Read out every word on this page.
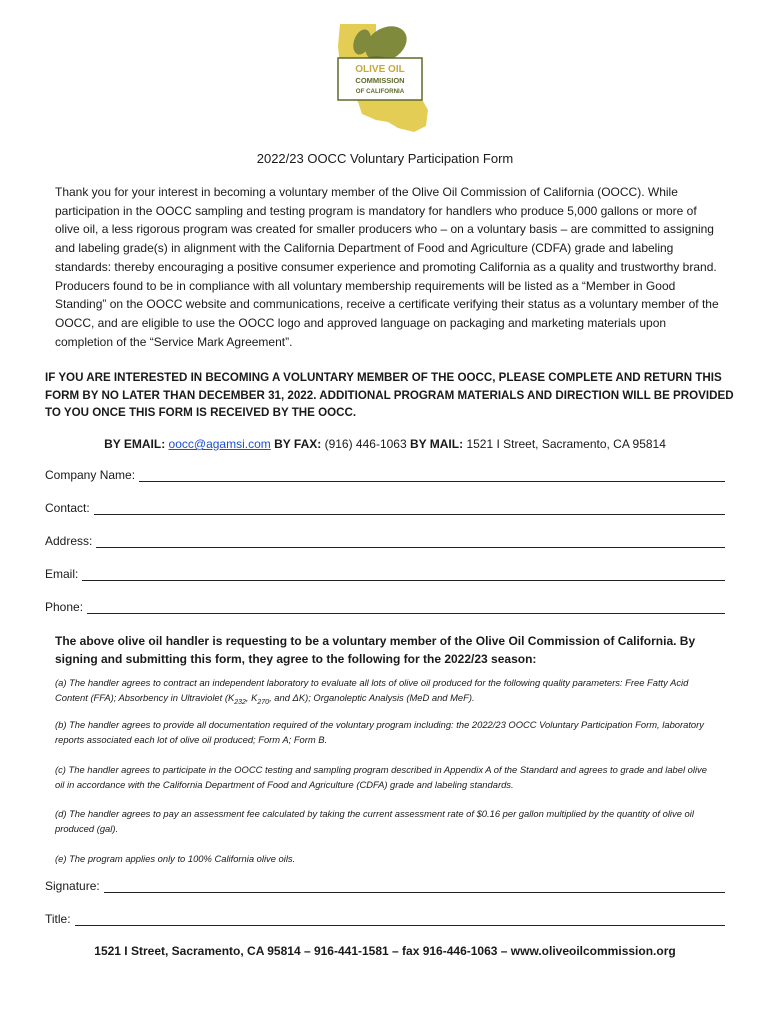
OLIVE OIL
COMMISSION
OF CALIFORNIA
2022/23 OOCC Voluntary Participation Form

Thank you for your interest in becoming a voluntary member of the Olive Oil Commission of California (OOCC). While participation in the OOCC sampling and testing program is mandatory for handlers who produce 5,000 gallons or more of olive oil, a less rigorous program was created for smaller producers who – on a voluntary basis – are committed to assigning and labeling grade(s) in alignment with the California Department of Food and Agriculture (CDFA) grade and labeling standards: thereby encouraging a positive consumer experience and promoting California as a quality and trustworthy brand. Producers found to be in compliance with all voluntary membership requirements will be listed as a “Member in Good Standing” on the OOCC website and communications, receive a certificate verifying their status as a voluntary member of the OOCC, and are eligible to use the OOCC logo and approved language on packaging and marketing materials upon completion of the “Service Mark Agreement”.

IF YOU ARE INTERESTED IN BECOMING A VOLUNTARY MEMBER OF THE OOCC, PLEASE COMPLETE AND RETURN THIS FORM BY NO LATER THAN DECEMBER 31, 2022. ADDITIONAL PROGRAM MATERIALS AND DIRECTION WILL BE PROVIDED TO YOU ONCE THIS FORM IS RECEIVED BY THE OOCC.
BY EMAIL: oocc@agamsi.com BY FAX: (916) 446-1063 BY MAIL: 1521 I Street, Sacramento, CA 95814
Company Name:
Contact:
Address:
Email:
Phone:

The above olive oil handler is requesting to be a voluntary member of the Olive Oil Commission of California. By signing and submitting this form, they agree to the following for the 2022/23 season:

(a) The handler agrees to contract an independent laboratory to evaluate all lots of olive oil produced for the following quality parameters: Free Fatty Acid Content (FFA); Absorbency in Ultraviolet ($K_{232}$, $K_{270}$, and ΔK); Organoleptic Analysis (MeD and MeF).

(b) The handler agrees to provide all documentation required of the voluntary program including: the 2022/23 OOCC Voluntary Participation Form, laboratory reports associated each lot of olive oil produced; Form A; Form B.

(c) The handler agrees to participate in the OOCC testing and sampling program described in Appendix A of the Standard and agrees to grade and label olive oil in accordance with the California Department of Food and Agriculture (CDFA) grade and labeling standards.

(d) The handler agrees to pay an assessment fee calculated by taking the current assessment rate of $0.16 per gallon multiplied by the quantity of olive oil produced (gal).

(e) The program applies only to 100% California olive oils.

Signature:
Title:
1521 I Street, Sacramento, CA 95814 – 916-441-1581 – fax 916-446-1063 – www.oliveoilcommission.org
